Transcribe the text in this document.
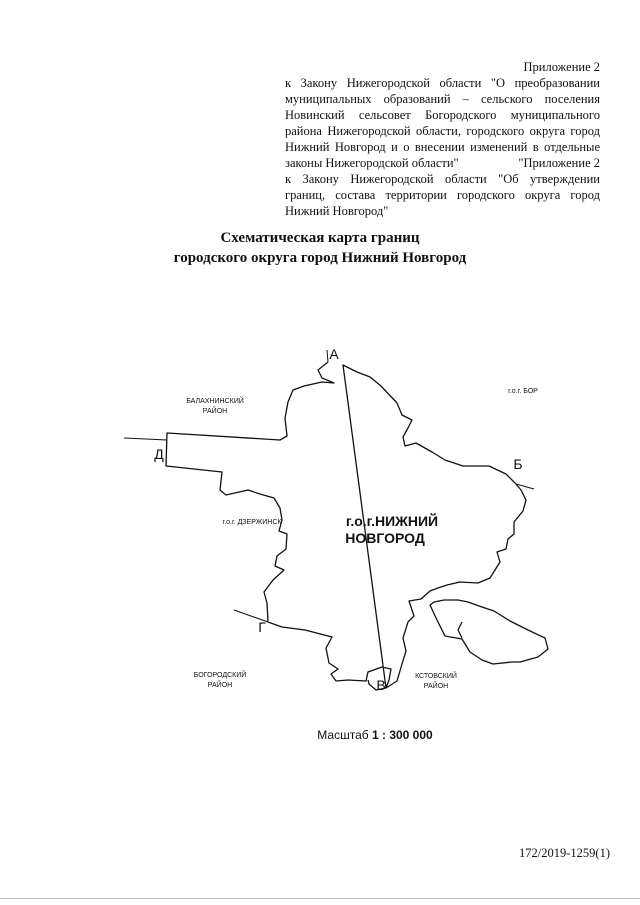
Приложение 2
к Закону Нижегородской области "О преобразовании муниципальных образований – сельского поселения Новинский сельсовет Богородского муниципального района Нижегородской области, городского округа город Нижний Новгород и о внесении изменений в отдельные законы Нижегородской области"	"Приложение 2
к Закону Нижегородской области "Об утверждении границ, состава территории городского округа город Нижний Новгород"
Схематическая карта границ
городского округа город Нижний Новгород
А
Б
В
Г
Д
г.о.г.НИЖНИЙ
НОВГОРОД
БАЛАХНИНСКИЙ
РАЙОН
г.о.г. БОР
г.о.г. ДЗЕРЖИНСК
БОГОРОДСКИЙ
РАЙОН
КСТОВСКИЙ
РАЙОН
Масштаб 1 : 300 000
172/2019-1259(1)
